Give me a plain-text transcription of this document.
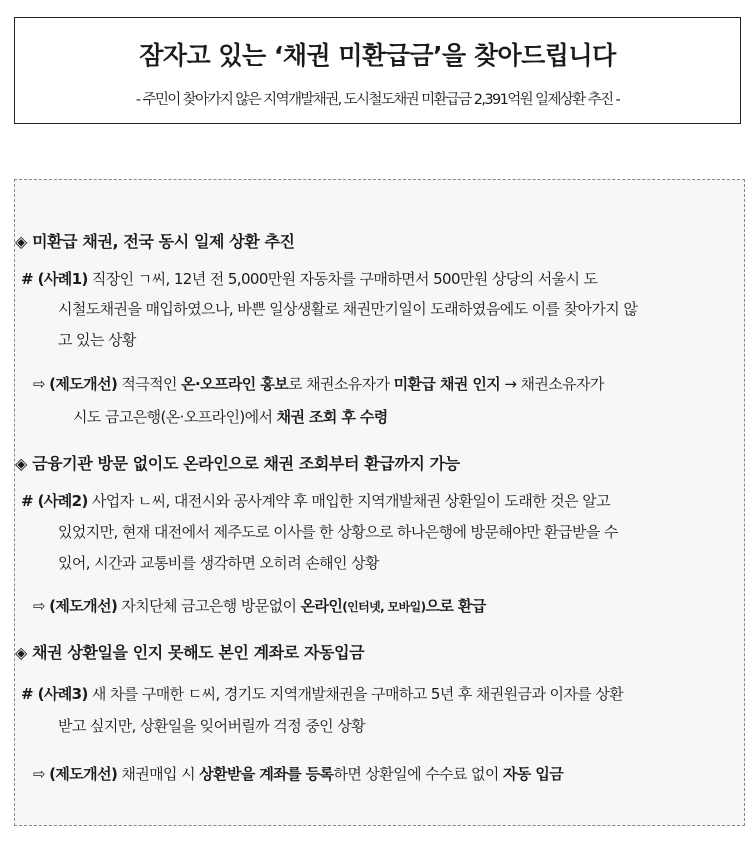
잠자고 있는 ‘채권 미환급금’을 찾아드립니다
- 주민이 찾아가지 않은 지역개발채권, 도시철도채권 미환급금 2,391억원 일제상환 추진 -
◈ 미환급 채권, 전국 동시 일제 상환 추진
# (사례1) 직장인 ㄱ씨, 12년 전 5,000만원 자동차를 구매하면서 500만원 상당의 서울시 도
시철도채권을 매입하였으나, 바쁜 일상생활로 채권만기일이 도래하였음에도 이를 찾아가지 않
고 있는 상황
⇨ (제도개선) 적극적인 온·오프라인 홍보로 채권소유자가 미환급 채권 인지 → 채권소유자가
시도 금고은행(온·오프라인)에서 채권 조회 후 수령
◈ 금융기관 방문 없이도 온라인으로 채권 조회부터 환급까지 가능
# (사례2) 사업자 ㄴ씨, 대전시와 공사계약 후 매입한 지역개발채권 상환일이 도래한 것은 알고
있었지만, 현재 대전에서 제주도로 이사를 한 상황으로 하나은행에 방문해야만 환급받을 수
있어, 시간과 교통비를 생각하면 오히려 손해인 상황
⇨ (제도개선) 자치단체 금고은행 방문없이 온라인(인터넷, 모바일)으로 환급
◈ 채권 상환일을 인지 못해도 본인 계좌로 자동입금
# (사례3) 새 차를 구매한 ㄷ씨, 경기도 지역개발채권을 구매하고 5년 후 채권원금과 이자를 상환
받고 싶지만, 상환일을 잊어버릴까 걱정 중인 상황
⇨ (제도개선) 채권매입 시 상환받을 계좌를 등록하면 상환일에 수수료 없이 자동 입금
